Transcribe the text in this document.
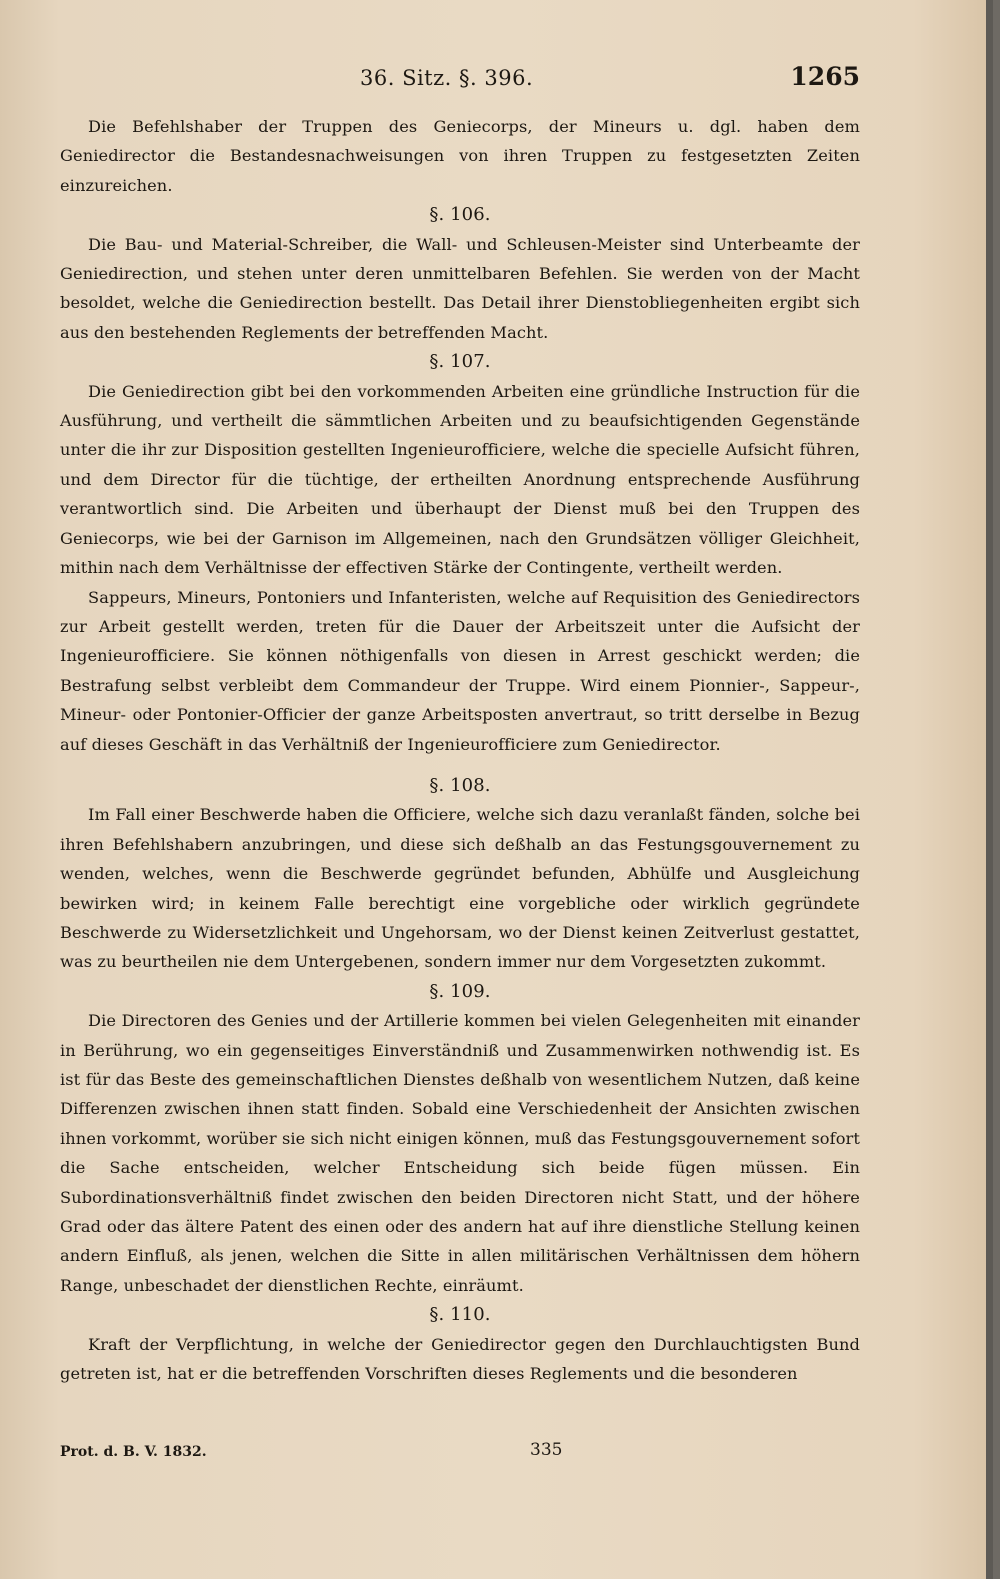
36. Sitz. §. 396.	1265

Die Befehlshaber der Truppen des Geniecorps, der Mineurs u. dgl. haben dem Geniedirector die Bestandesnachweisungen von ihren Truppen zu festgesetzten Zeiten einzureichen.

§. 106.

Die Bau- und Material-Schreiber, die Wall- und Schleusen-Meister sind Unterbeamte der Geniedirection, und stehen unter deren unmittelbaren Befehlen. Sie werden von der Macht besoldet, welche die Geniedirection bestellt. Das Detail ihrer Dienstobliegenheiten ergibt sich aus den bestehenden Reglements der betreffenden Macht.

§. 107.

Die Geniedirection gibt bei den vorkommenden Arbeiten eine gründliche Instruction für die Ausführung, und vertheilt die sämmtlichen Arbeiten und zu beaufsichtigenden Gegenstände unter die ihr zur Disposition gestellten Ingenieurofficiere, welche die specielle Aufsicht führen, und dem Director für die tüchtige, der ertheilten Anordnung entsprechende Ausführung verantwortlich sind. Die Arbeiten und überhaupt der Dienst muß bei den Truppen des Geniecorps, wie bei der Garnison im Allgemeinen, nach den Grundsätzen völliger Gleichheit, mithin nach dem Verhältnisse der effectiven Stärke der Contingente, vertheilt werden.

Sappeurs, Mineurs, Pontoniers und Infanteristen, welche auf Requisition des Geniedirectors zur Arbeit gestellt werden, treten für die Dauer der Arbeitszeit unter die Aufsicht der Ingenieurofficiere. Sie können nöthigenfalls von diesen in Arrest geschickt werden; die Bestrafung selbst verbleibt dem Commandeur der Truppe. Wird einem Pionnier-, Sappeur-, Mineur- oder Pontonier-Officier der ganze Arbeitsposten anvertraut, so tritt derselbe in Bezug auf dieses Geschäft in das Verhältniß der Ingenieurofficiere zum Geniedirector.

§. 108.

Im Fall einer Beschwerde haben die Officiere, welche sich dazu veranlaßt fänden, solche bei ihren Befehlshabern anzubringen, und diese sich deßhalb an das Festungsgouvernement zu wenden, welches, wenn die Beschwerde gegründet befunden, Abhülfe und Ausgleichung bewirken wird; in keinem Falle berechtigt eine vorgebliche oder wirklich gegründete Beschwerde zu Widersetzlichkeit und Ungehorsam, wo der Dienst keinen Zeitverlust gestattet, was zu beurtheilen nie dem Untergebenen, sondern immer nur dem Vorgesetzten zukommt.

§. 109.

Die Directoren des Genies und der Artillerie kommen bei vielen Gelegenheiten mit einander in Berührung, wo ein gegenseitiges Einverständniß und Zusammenwirken nothwendig ist. Es ist für das Beste des gemeinschaftlichen Dienstes deßhalb von wesentlichem Nutzen, daß keine Differenzen zwischen ihnen statt finden. Sobald eine Verschiedenheit der Ansichten zwischen ihnen vorkommt, worüber sie sich nicht einigen können, muß das Festungsgouvernement sofort die Sache entscheiden, welcher Entscheidung sich beide fügen müssen. Ein Subordinationsverhältniß findet zwischen den beiden Directoren nicht Statt, und der höhere Grad oder das ältere Patent des einen oder des andern hat auf ihre dienstliche Stellung keinen andern Einfluß, als jenen, welchen die Sitte in allen militärischen Verhältnissen dem höhern Range, unbeschadet der dienstlichen Rechte, einräumt.

§. 110.

Kraft der Verpflichtung, in welche der Geniedirector gegen den Durchlauchtigsten Bund getreten ist, hat er die betreffenden Vorschriften dieses Reglements und die besonderen

Prot. d. B. V. 1832.	335
